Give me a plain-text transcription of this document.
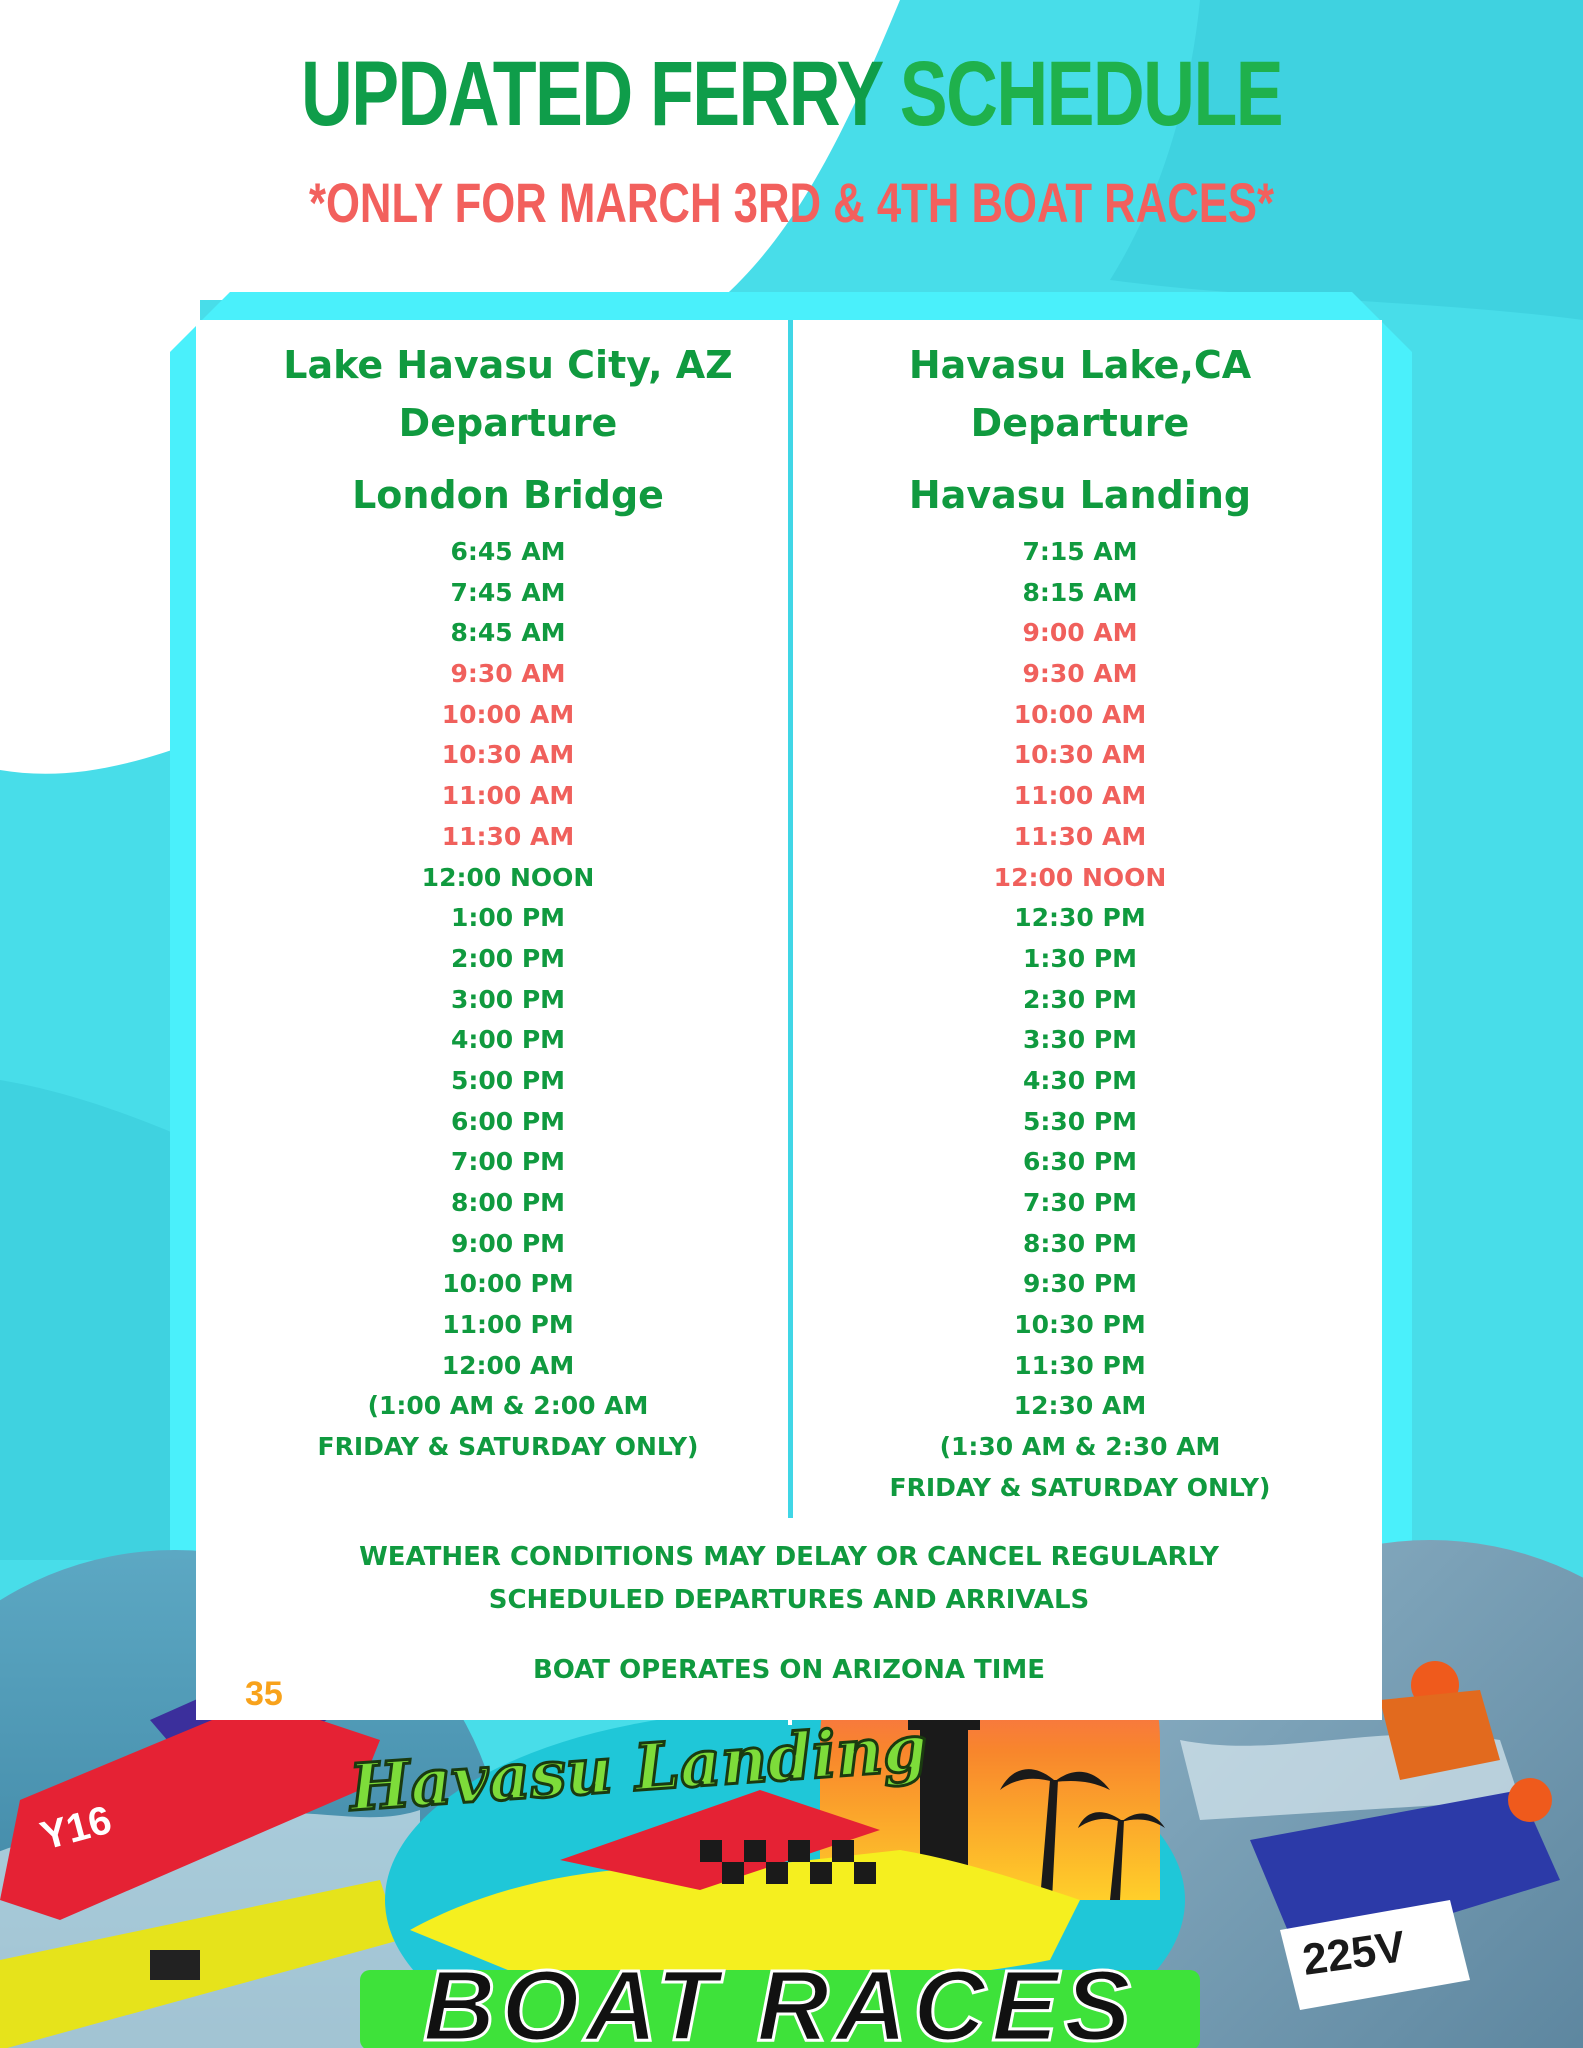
UPDATED FERRY SCHEDULE

*ONLY FOR MARCH 3RD & 4TH BOAT RACES*

Lake Havasu City, AZ
Departure
London Bridge
6:45 AM
7:45 AM
8:45 AM
9:30 AM
10:00 AM
10:30 AM
11:00 AM
11:30 AM
12:00 NOON
1:00 PM
2:00 PM
3:00 PM
4:00 PM
5:00 PM
6:00 PM
7:00 PM
8:00 PM
9:00 PM
10:00 PM
11:00 PM
12:00 AM
(1:00 AM & 2:00 AM
FRIDAY & SATURDAY ONLY)
Havasu Lake,CA
Departure
Havasu Landing
7:15 AM
8:15 AM
9:00 AM
9:30 AM
10:00 AM
10:30 AM
11:00 AM
11:30 AM
12:00 NOON
12:30 PM
1:30 PM
2:30 PM
3:30 PM
4:30 PM
5:30 PM
6:30 PM
7:30 PM
8:30 PM
9:30 PM
10:30 PM
11:30 PM
12:30 AM
(1:30 AM & 2:30 AM
FRIDAY & SATURDAY ONLY)
WEATHER CONDITIONS MAY DELAY OR CANCEL REGULARLY
SCHEDULED DEPARTURES AND ARRIVALS
BOAT OPERATES ON ARIZONA TIME
Havasu Landing
BOAT RACES
35
Y16
225V
